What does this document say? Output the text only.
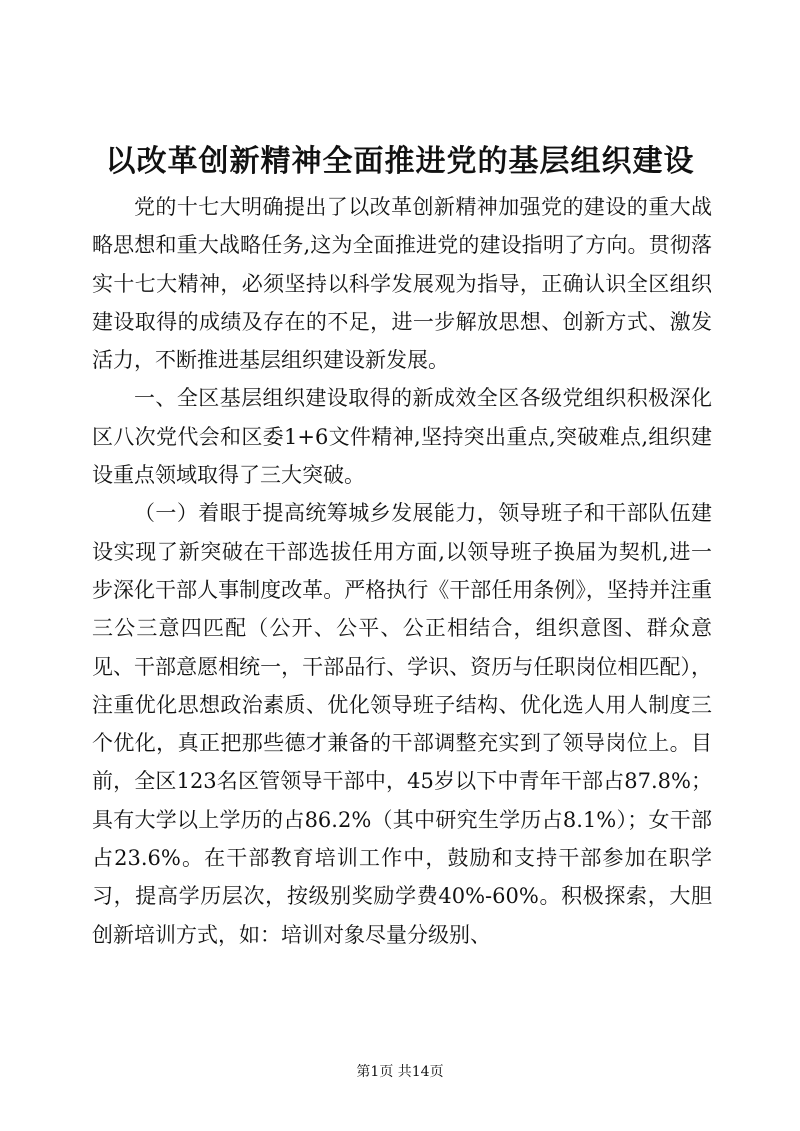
以改革创新精神全面推进党的基层组织建设

党的十七大明确提出了以改革创新精神加强党的建设的重大战略思想和重大战略任务,这为全面推进党的建设指明了方向。贯彻落实十七大精神，必须坚持以科学发展观为指导，正确认识全区组织建设取得的成绩及存在的不足，进一步解放思想、创新方式、激发活力，不断推进基层组织建设新发展。

一、全区基层组织建设取得的新成效全区各级党组织积极深化区八次党代会和区委1+6文件精神,坚持突出重点,突破难点,组织建设重点领域取得了三大突破。

（一）着眼于提高统筹城乡发展能力，领导班子和干部队伍建设实现了新突破在干部选拔任用方面,以领导班子换届为契机,进一步深化干部人事制度改革。严格执行《干部任用条例》，坚持并注重三公三意四匹配（公开、公平、公正相结合，组织意图、群众意见、干部意愿相统一，干部品行、学识、资历与任职岗位相匹配），注重优化思想政治素质、优化领导班子结构、优化选人用人制度三个优化，真正把那些德才兼备的干部调整充实到了领导岗位上。目前，全区123名区管领导干部中，45岁以下中青年干部占87.8%；具有大学以上学历的占86.2%（其中研究生学历占8.1%）；女干部占23.6%。在干部教育培训工作中，鼓励和支持干部参加在职学习，提高学历层次，按级别奖励学费40%-60%。积极探索，大胆创新培训方式，如：培训对象尽量分级别、

第1页 共14页
